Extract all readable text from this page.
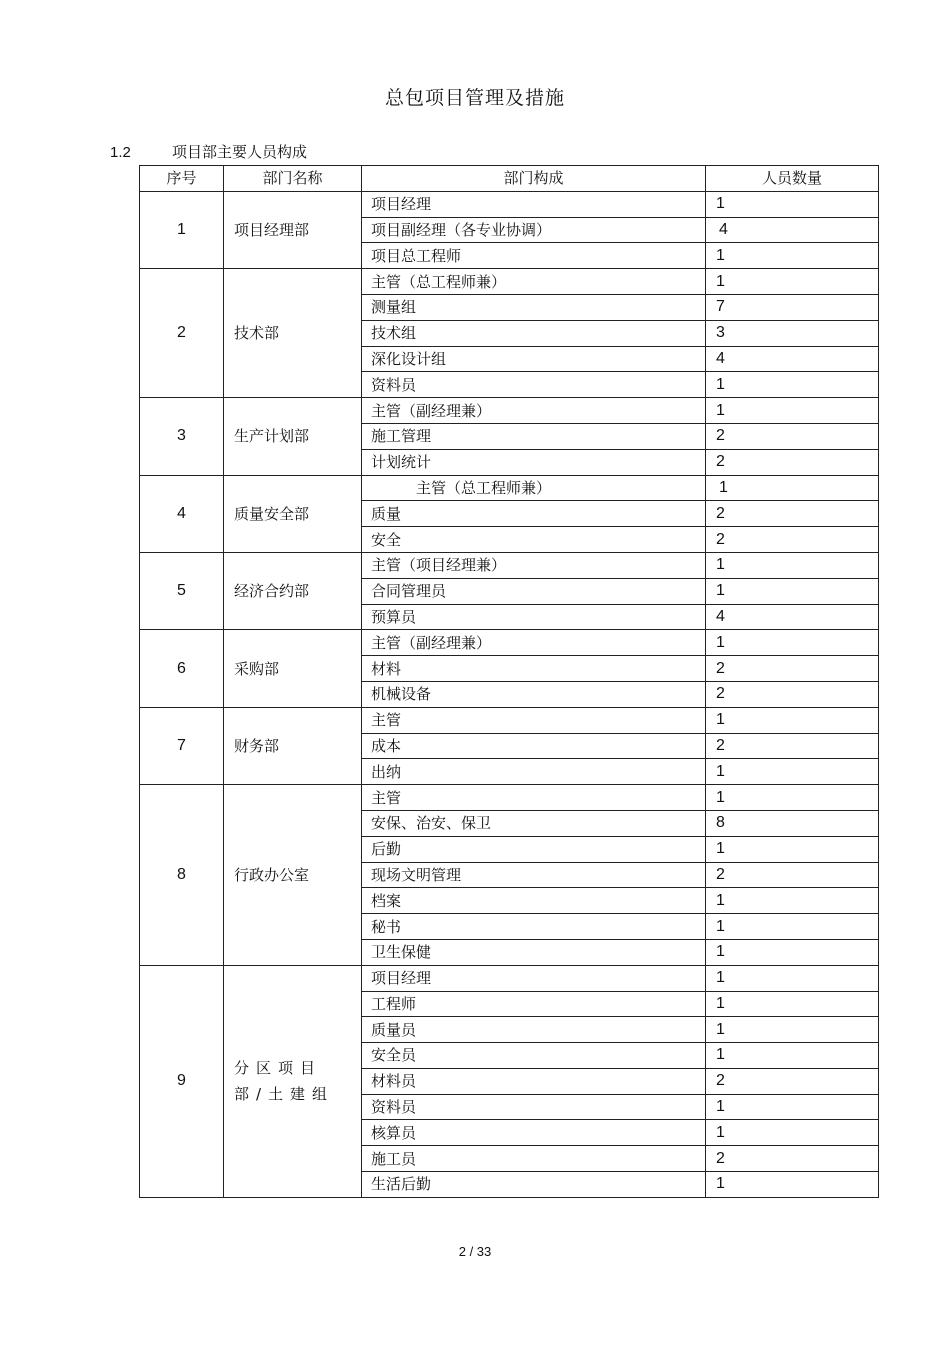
总包项目管理及措施
1.2	项目部主要人员构成
序号	部门名称	部门构成	人员数量
1	项目经理部	项目经理	1
		项目副经理（各专业协调）	4
		项目总工程师	1
2	技术部	主管（总工程师兼）	1
		测量组	7
		技术组	3
		深化设计组	4
		资料员	1
3	生产计划部	主管（副经理兼）	1
		施工管理	2
		计划统计	2
4	质量安全部	主管（总工程师兼）	1
		质量	2
		安全	2
5	经济合约部	主管（项目经理兼）	1
		合同管理员	1
		预算员	4
6	采购部	主管（副经理兼）	1
		材料	2
		机械设备	2
7	财务部	主管	1
		成本	2
		出纳	1
8	行政办公室	主管	1
		安保、治安、保卫	8
		后勤	1
		现场文明管理	2
		档案	1
		秘书	1
		卫生保健	1
9	分区项目部/土建组	项目经理	1
		工程师	1
		质量员	1
		安全员	1
		材料员	2
		资料员	1
		核算员	1
		施工员	2
		生活后勤	1
2 / 33
